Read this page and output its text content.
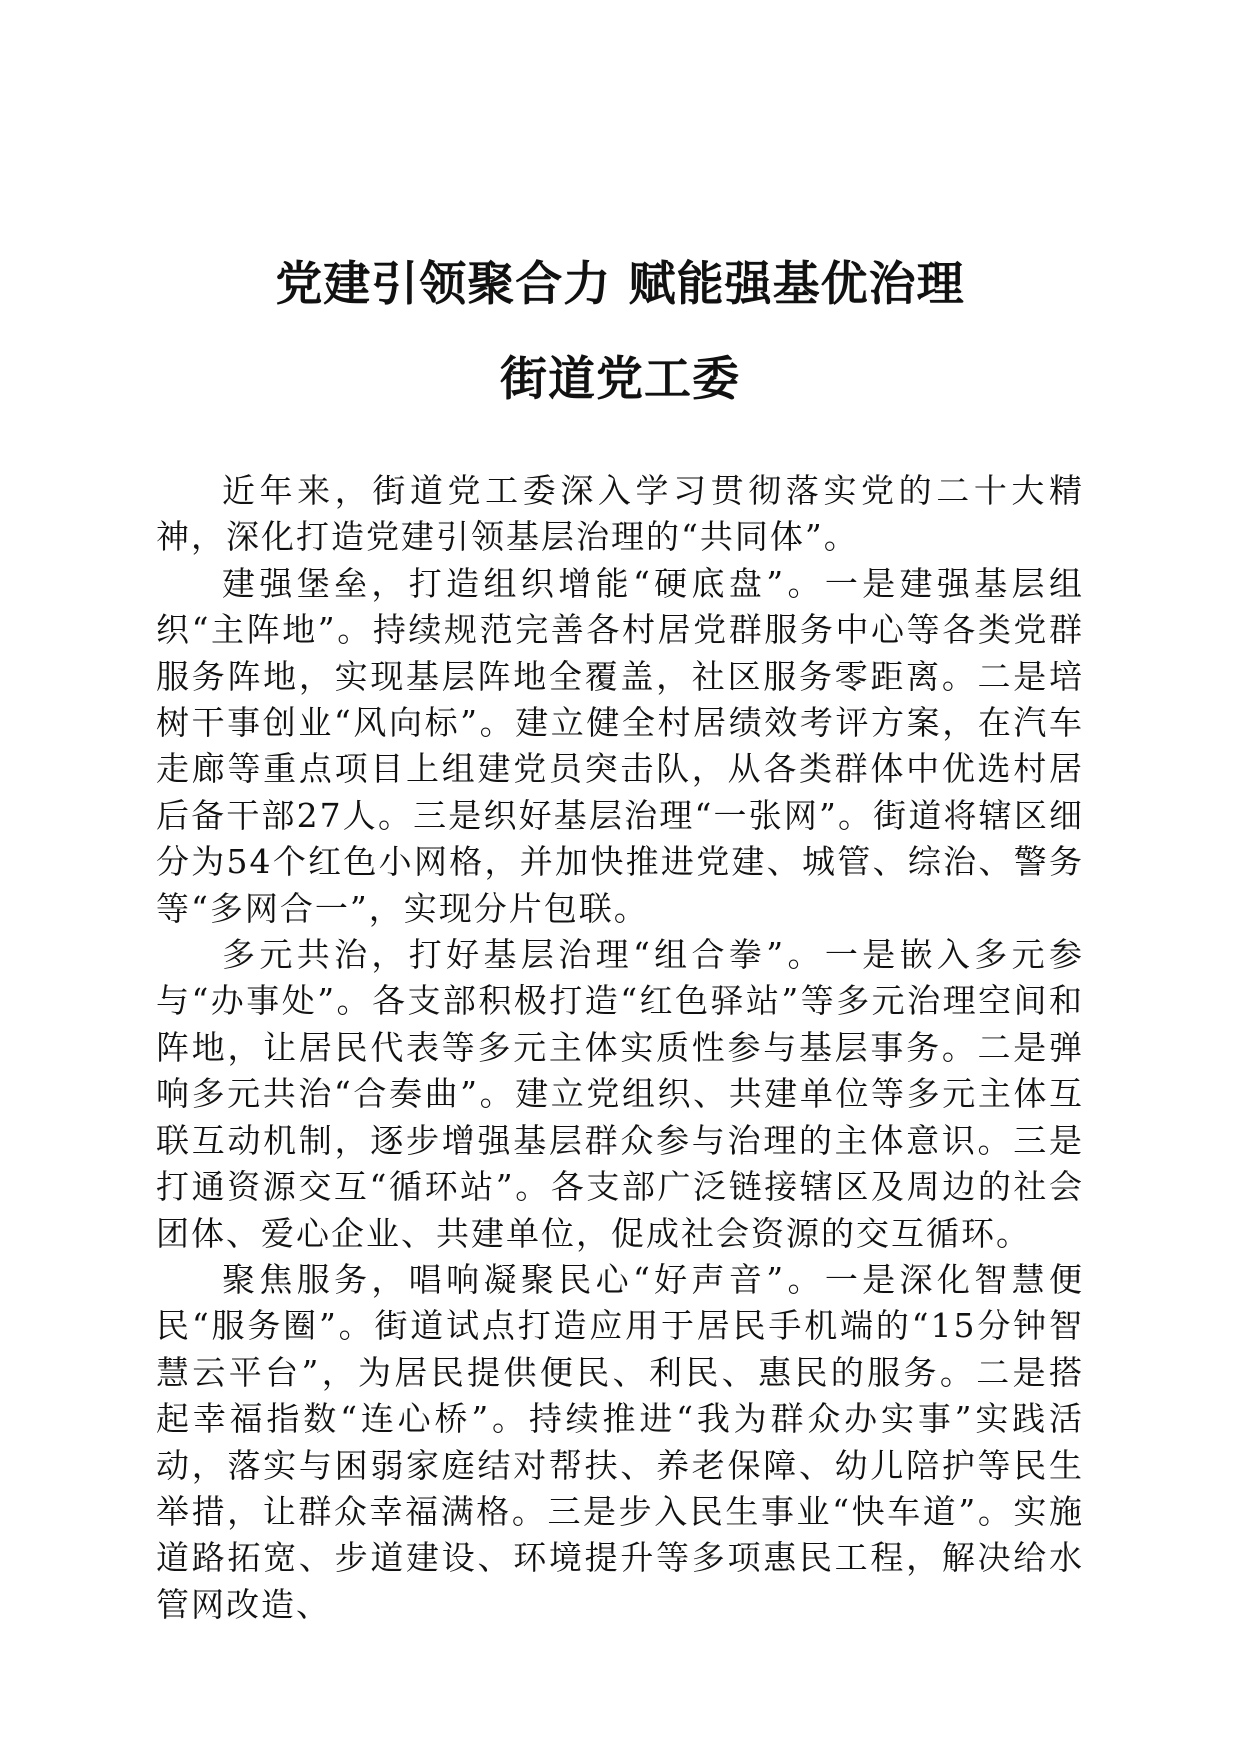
党建引领聚合力 赋能强基优治理
街道党工委

近年来，街道党工委深入学习贯彻落实党的二十大精神，深化打造党建引领基层治理的“共同体”。

建强堡垒，打造组织增能“硬底盘”。一是建强基层组织“主阵地”。持续规范完善各村居党群服务中心等各类党群服务阵地，实现基层阵地全覆盖，社区服务零距离。二是培树干事创业“风向标”。建立健全村居绩效考评方案，在汽车走廊等重点项目上组建党员突击队，从各类群体中优选村居后备干部27人。三是织好基层治理“一张网”。街道将辖区细分为54个红色小网格，并加快推进党建、城管、综治、警务等“多网合一”，实现分片包联。

多元共治，打好基层治理“组合拳”。一是嵌入多元参与“办事处”。各支部积极打造“红色驿站”等多元治理空间和阵地，让居民代表等多元主体实质性参与基层事务。二是弹响多元共治“合奏曲”。建立党组织、共建单位等多元主体互联互动机制，逐步增强基层群众参与治理的主体意识。三是打通资源交互“循环站”。各支部广泛链接辖区及周边的社会团体、爱心企业、共建单位，促成社会资源的交互循环。

聚焦服务，唱响凝聚民心“好声音”。一是深化智慧便民“服务圈”。街道试点打造应用于居民手机端的“15分钟智慧云平台”，为居民提供便民、利民、惠民的服务。二是搭起幸福指数“连心桥”。持续推进“我为群众办实事”实践活动，落实与困弱家庭结对帮扶、养老保障、幼儿陪护等民生举措，让群众幸福满格。三是步入民生事业“快车道”。实施道路拓宽、步道建设、环境提升等多项惠民工程，解决给水管网改造、
